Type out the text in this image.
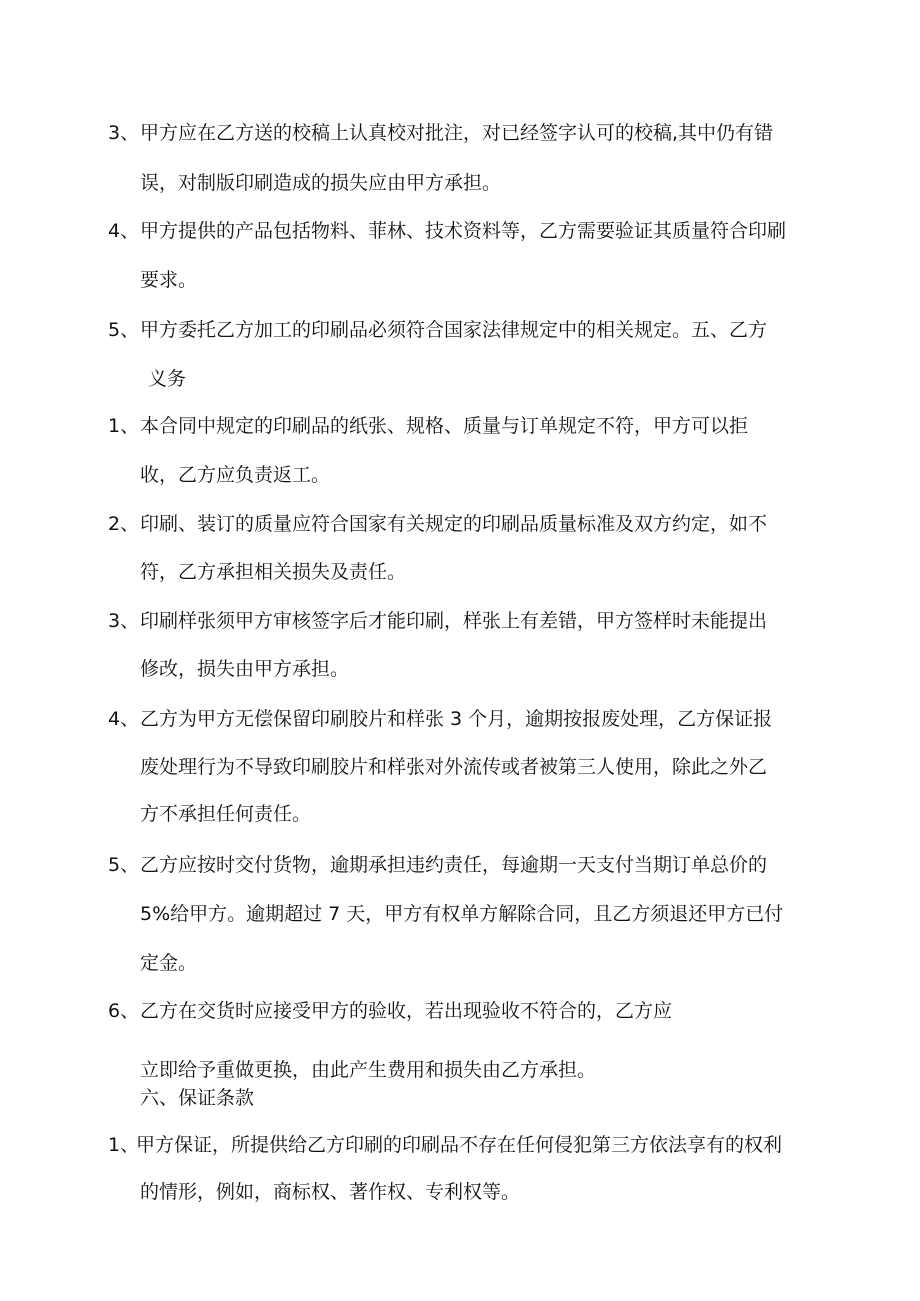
3、 甲方应在乙方送的校稿上认真校对批注，对已经签字认可的校稿,其中仍有错
误，对制版印刷造成的损失应由甲方承担。
4、 甲方提供的产品包括物料、菲林、技术资料等，乙方需要验证其质量符合印刷
要求。
5、 甲方委托乙方加工的印刷品必须符合国家法律规定中的相关规定。五、乙方
义务
1、 本合同中规定的印刷品的纸张、规格、质量与订单规定不符，甲方可以拒
收，乙方应负责返工。
2、 印刷、装订的质量应符合国家有关规定的印刷品质量标准及双方约定，如不
符，乙方承担相关损失及责任。
3、 印刷样张须甲方审核签字后才能印刷，样张上有差错，甲方签样时未能提出
修改，损失由甲方承担。
4、 乙方为甲方无偿保留印刷胶片和样张 3 个月，逾期按报废处理，乙方保证报
废处理行为不导致印刷胶片和样张对外流传或者被第三人使用，除此之外乙
方不承担任何责任。
5、 乙方应按时交付货物，逾期承担违约责任，每逾期一天支付当期订单总价的
5%给甲方。逾期超过 7 天，甲方有权单方解除合同，且乙方须退还甲方已付
定金。
6、 乙方在交货时应接受甲方的验收，若出现验收不符合的，乙方应
立即给予重做更换，由此产生费用和损失由乙方承担。
六、保证条款
1、
甲方保证，所提供给乙方印刷的印刷品不存在任何侵犯第三方依法享有的权利
的情形，例如，商标权、著作权、专利权等。
